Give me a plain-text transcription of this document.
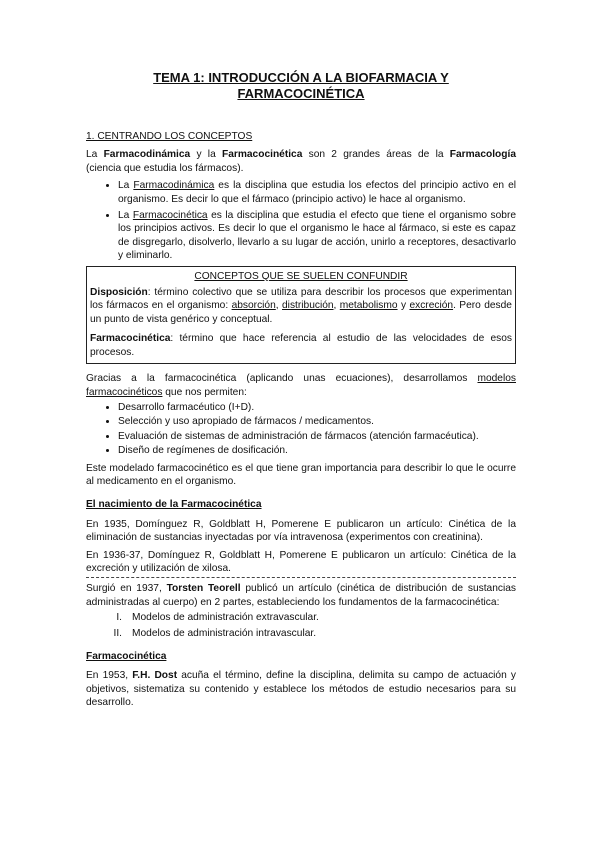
TEMA 1: INTRODUCCIÓN A LA BIOFARMACIA Y
FARMACOCINÉTICA

1. CENTRANDO LOS CONCEPTOS

La Farmacodinámica y la Farmacocinética son 2 grandes áreas de la Farmacología (ciencia que estudia los fármacos).

• La Farmacodinámica es la disciplina que estudia los efectos del principio activo en el organismo. Es decir lo que el fármaco (principio activo) le hace al organismo.
• La Farmacocinética es la disciplina que estudia el efecto que tiene el organismo sobre los principios activos. Es decir lo que el organismo le hace al fármaco, si este es capaz de disgregarlo, disolverlo, llevarlo a su lugar de acción, unirlo a receptores, desactivarlo y eliminarlo.
CONCEPTOS QUE SE SUELEN CONFUNDIR

Disposición: término colectivo que se utiliza para describir los procesos que experimentan los fármacos en el organismo: absorción, distribución, metabolismo y excreción. Pero desde un punto de vista genérico y conceptual.

Farmacocinética: término que hace referencia al estudio de las velocidades de esos procesos.

Gracias a la farmacocinética (aplicando unas ecuaciones), desarrollamos modelos farmacocinéticos que nos permiten:

• Desarrollo farmacéutico (I+D).
• Selección y uso apropiado de fármacos / medicamentos.
• Evaluación de sistemas de administración de fármacos (atención farmacéutica).
• Diseño de regímenes de dosificación.

Este modelado farmacocinético es el que tiene gran importancia para describir lo que le ocurre al medicamento en el organismo.

El nacimiento de la Farmacocinética

En 1935, Domínguez R, Goldblatt H, Pomerene E publicaron un artículo: Cinética de la eliminación de sustancias inyectadas por vía intravenosa (experimentos con creatinina).

En 1936-37, Domínguez R, Goldblatt H, Pomerene E publicaron un artículo: Cinética de la excreción y utilización de xilosa.

Surgió en 1937, Torsten Teorell publicó un artículo (cinética de distribución de sustancias administradas al cuerpo) en 2 partes, estableciendo los fundamentos de la farmacocinética:

I. Modelos de administración extravascular.
II. Modelos de administración intravascular.

Farmacocinética

En 1953, F.H. Dost acuña el término, define la disciplina, delimita su campo de actuación y objetivos, sistematiza su contenido y establece los métodos de estudio necesarios para su desarrollo.
